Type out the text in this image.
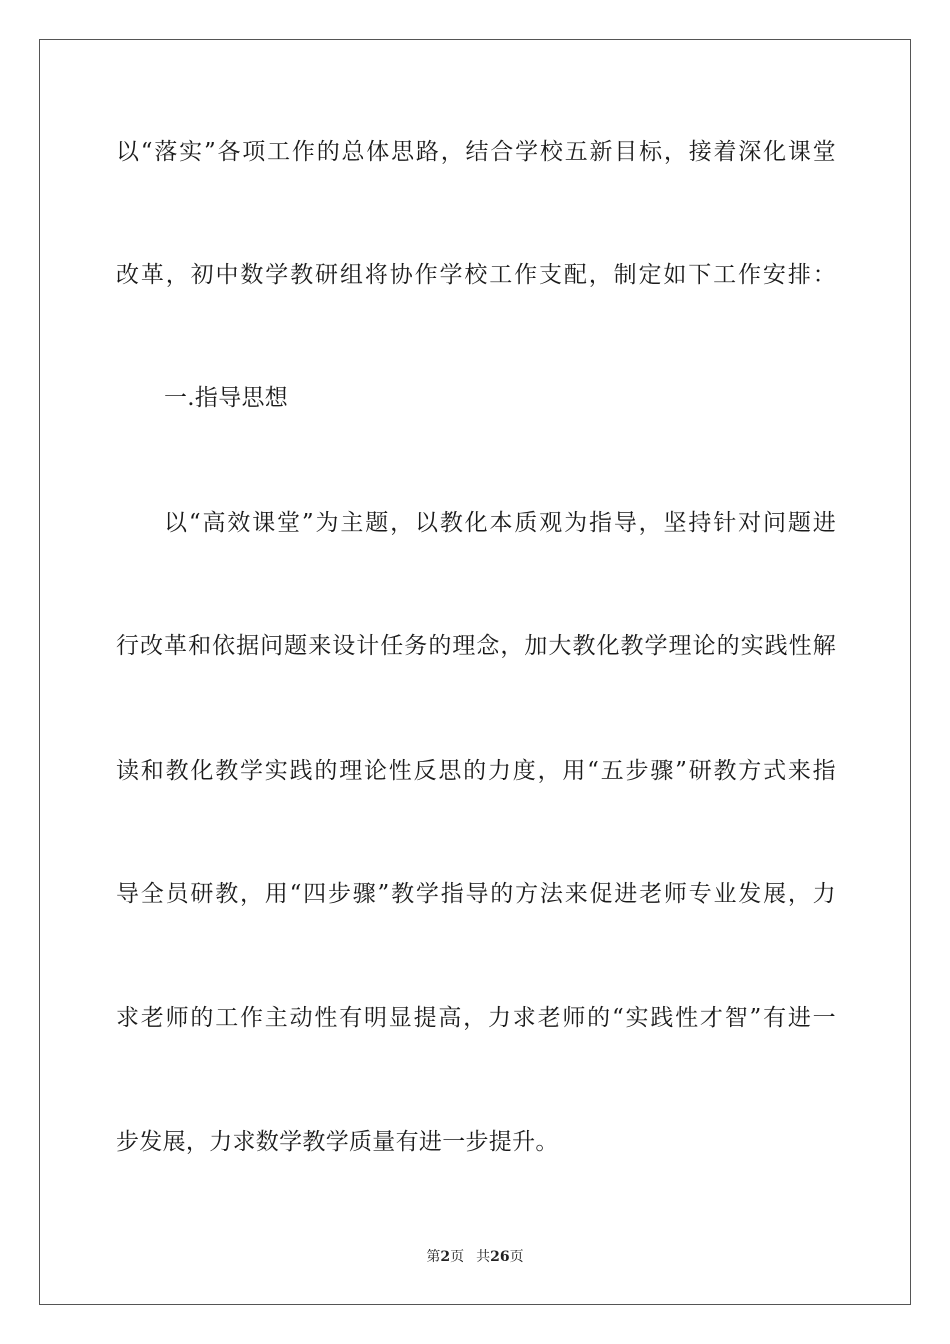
以“落实”各项工作的总体思路，结合学校五新目标，接着深化课堂
改革，初中数学教研组将协作学校工作支配，制定如下工作安排：
一.指导思想
以“高效课堂”为主题，以教化本质观为指导，坚持针对问题进
行改革和依据问题来设计任务的理念，加大教化教学理论的实践性解
读和教化教学实践的理论性反思的力度，用“五步骤”研教方式来指
导全员研教，用“四步骤”教学指导的方法来促进老师专业发展，力
求老师的工作主动性有明显提高，力求老师的“实践性才智”有进一
步发展，力求数学教学质量有进一步提升。
第2页 共26页
